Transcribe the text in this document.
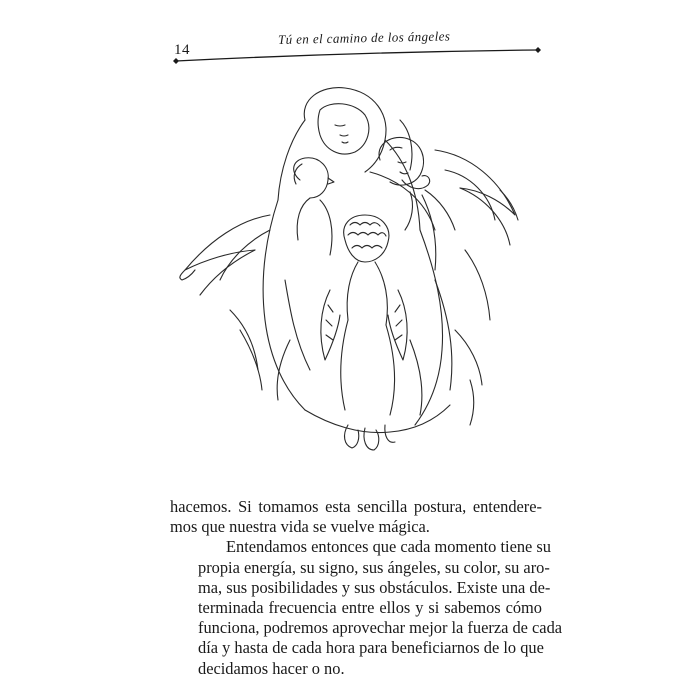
14
Tú en el camino de los ángeles

hacemos. Si tomamos esta sencilla postura, entendere-
mos que nuestra vida se vuelve mágica.

Entendamos entonces que cada momento tiene su
propia energía, su signo, sus ángeles, su color, su aro-
ma, sus posibilidades y sus obstáculos. Existe una de-
terminada frecuencia entre ellos y si sabemos cómo
funciona, podremos aprovechar mejor la fuerza de cada
día y hasta de cada hora para beneficiarnos de lo que
decidamos hacer o no.
